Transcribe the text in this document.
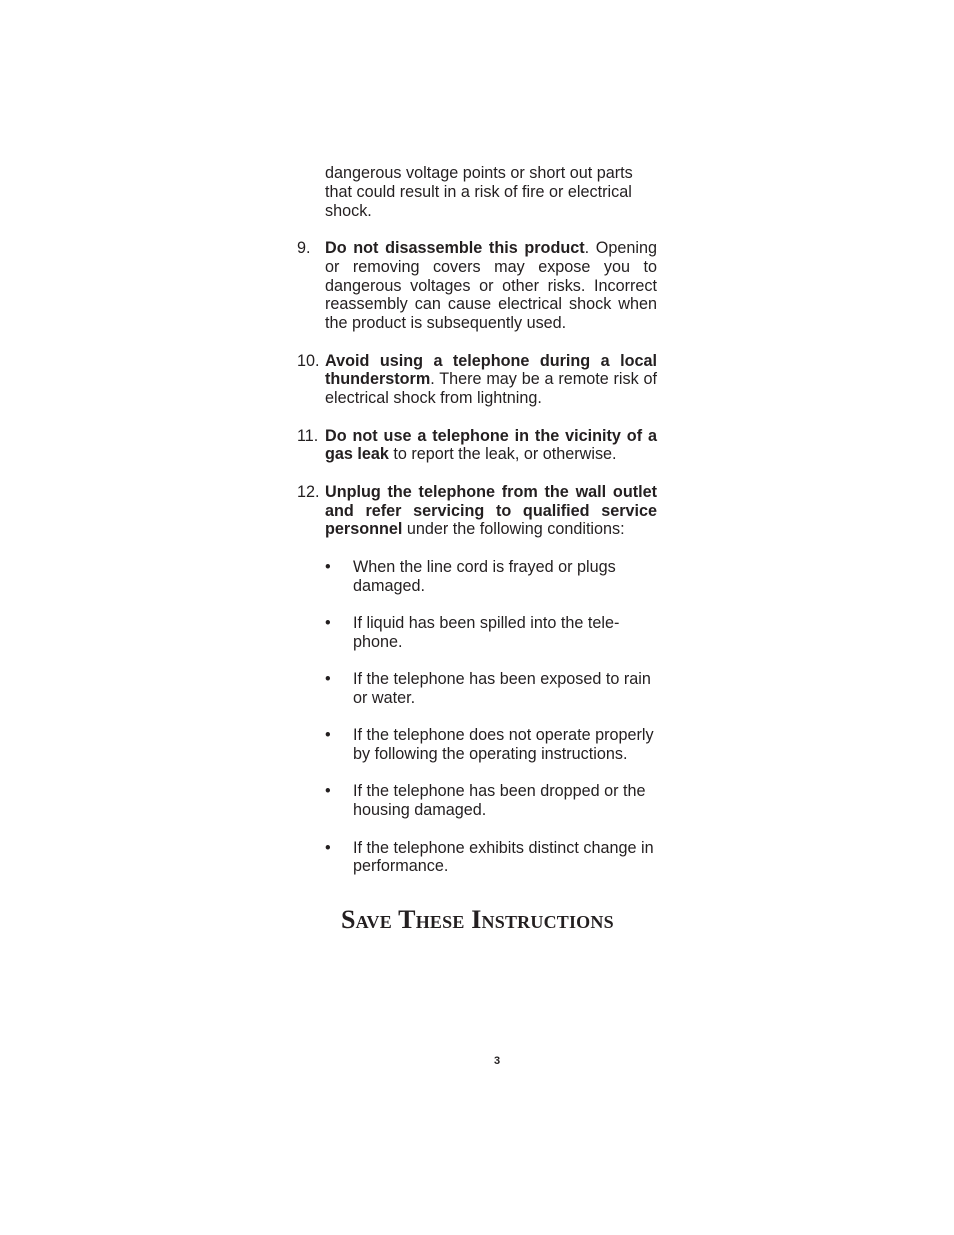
dangerous voltage points or short out parts that could result in a risk of fire or electrical shock.
9. Do not disassemble this product. Opening or removing covers may expose you to dangerous voltages or other risks. Incorrect reassembly can cause electrical shock when the product is subsequently used.
10. Avoid using a telephone during a local thunderstorm. There may be a remote risk of electrical shock from lightning.
11. Do not use a telephone in the vicinity of a gas leak to report the leak, or otherwise.
12. Unplug the telephone from the wall outlet and refer servicing to qualified service personnel under the following conditions:
•	When the line cord is frayed or plugs damaged.
•	If liquid has been spilled into the tele-phone.
•	If the telephone has been exposed to rain or water.
•	If the telephone does not operate properly by following the operating instructions.
•	If the telephone has been dropped or the housing damaged.
•	If the telephone exhibits distinct change in performance.
Save These Instructions
3
